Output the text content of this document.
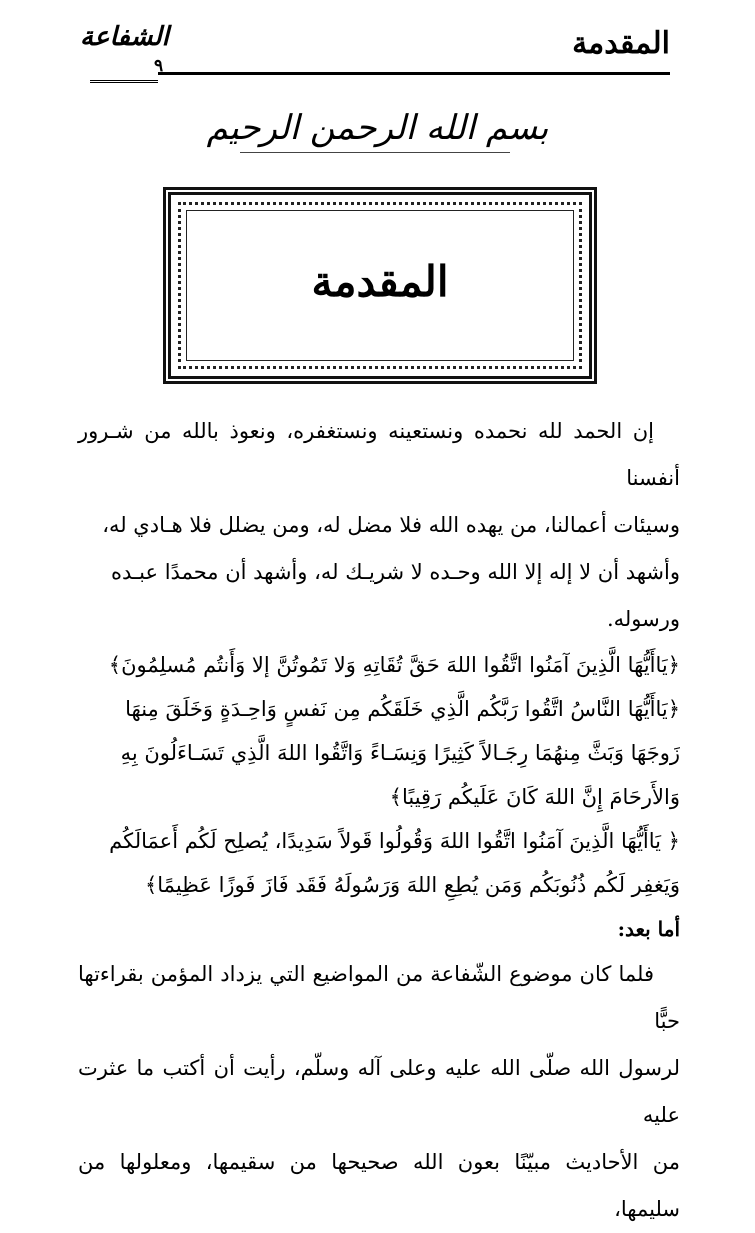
المقدمة
الشفاعة
٩
بسم الله الرحمن الرحيم
المقدمة

إن الحمد لله نحمده ونستعينه ونستغفره، ونعوذ بالله من شـرور أنفسنا

وسيئات أعمالنا، من يهده الله فلا مضل له، ومن يضلل فلا هـادي له،

وأشهد أن لا إله إلا الله وحـده لا شريـك له، وأشهد أن محمدًا عبـده

ورسوله.

﴿يَاأَيُّهَا الَّذِينَ آمَنُوا اتَّقُوا اللهَ حَقَّ تُقَاتِهِ وَلا تَمُوتُنَّ إلا وَأَنتُم مُسلِمُونَ﴾

﴿يَاأَيُّهَا النَّاسُ اتَّقُوا رَبَّكُم الَّذِي خَلَقَكُم مِن نَفسٍ وَاحِـدَةٍ وَخَلَقَ مِنهَا

زَوجَهَا وَبَثَّ مِنهُمَا رِجَـالاً كَثِيرًا وَنِسَـاءً وَاتَّقُوا اللهَ الَّذِي تَسَـاءَلُونَ بِهِ

وَالأَرحَامَ إِنَّ اللهَ كَانَ عَلَيكُم رَقِيبًا﴾

﴿ يَاأَيُّهَا الَّذِينَ آمَنُوا اتَّقُوا اللهَ وَقُولُوا قَولاً سَدِيدًا، يُصلِح لَكُم أَعمَالَكُم

وَيَغفِر لَكُم ذُنُوبَكُم وَمَن يُطِعِ اللهَ وَرَسُولَهُ فَقَد فَازَ فَوزًا عَظِيمًا﴾

أما بعد:

فلما كان موضوع الشّفاعة من المواضيع التي يزداد المؤمن بقراءتها حبًّا

لرسول الله صلّى الله عليه وعلى آله وسلّم، رأيت أن أكتب ما عثرت عليه

من الأحاديث مبيّنًا بعون الله صحيحها من سقيمها، ومعلولها من سليمها،
